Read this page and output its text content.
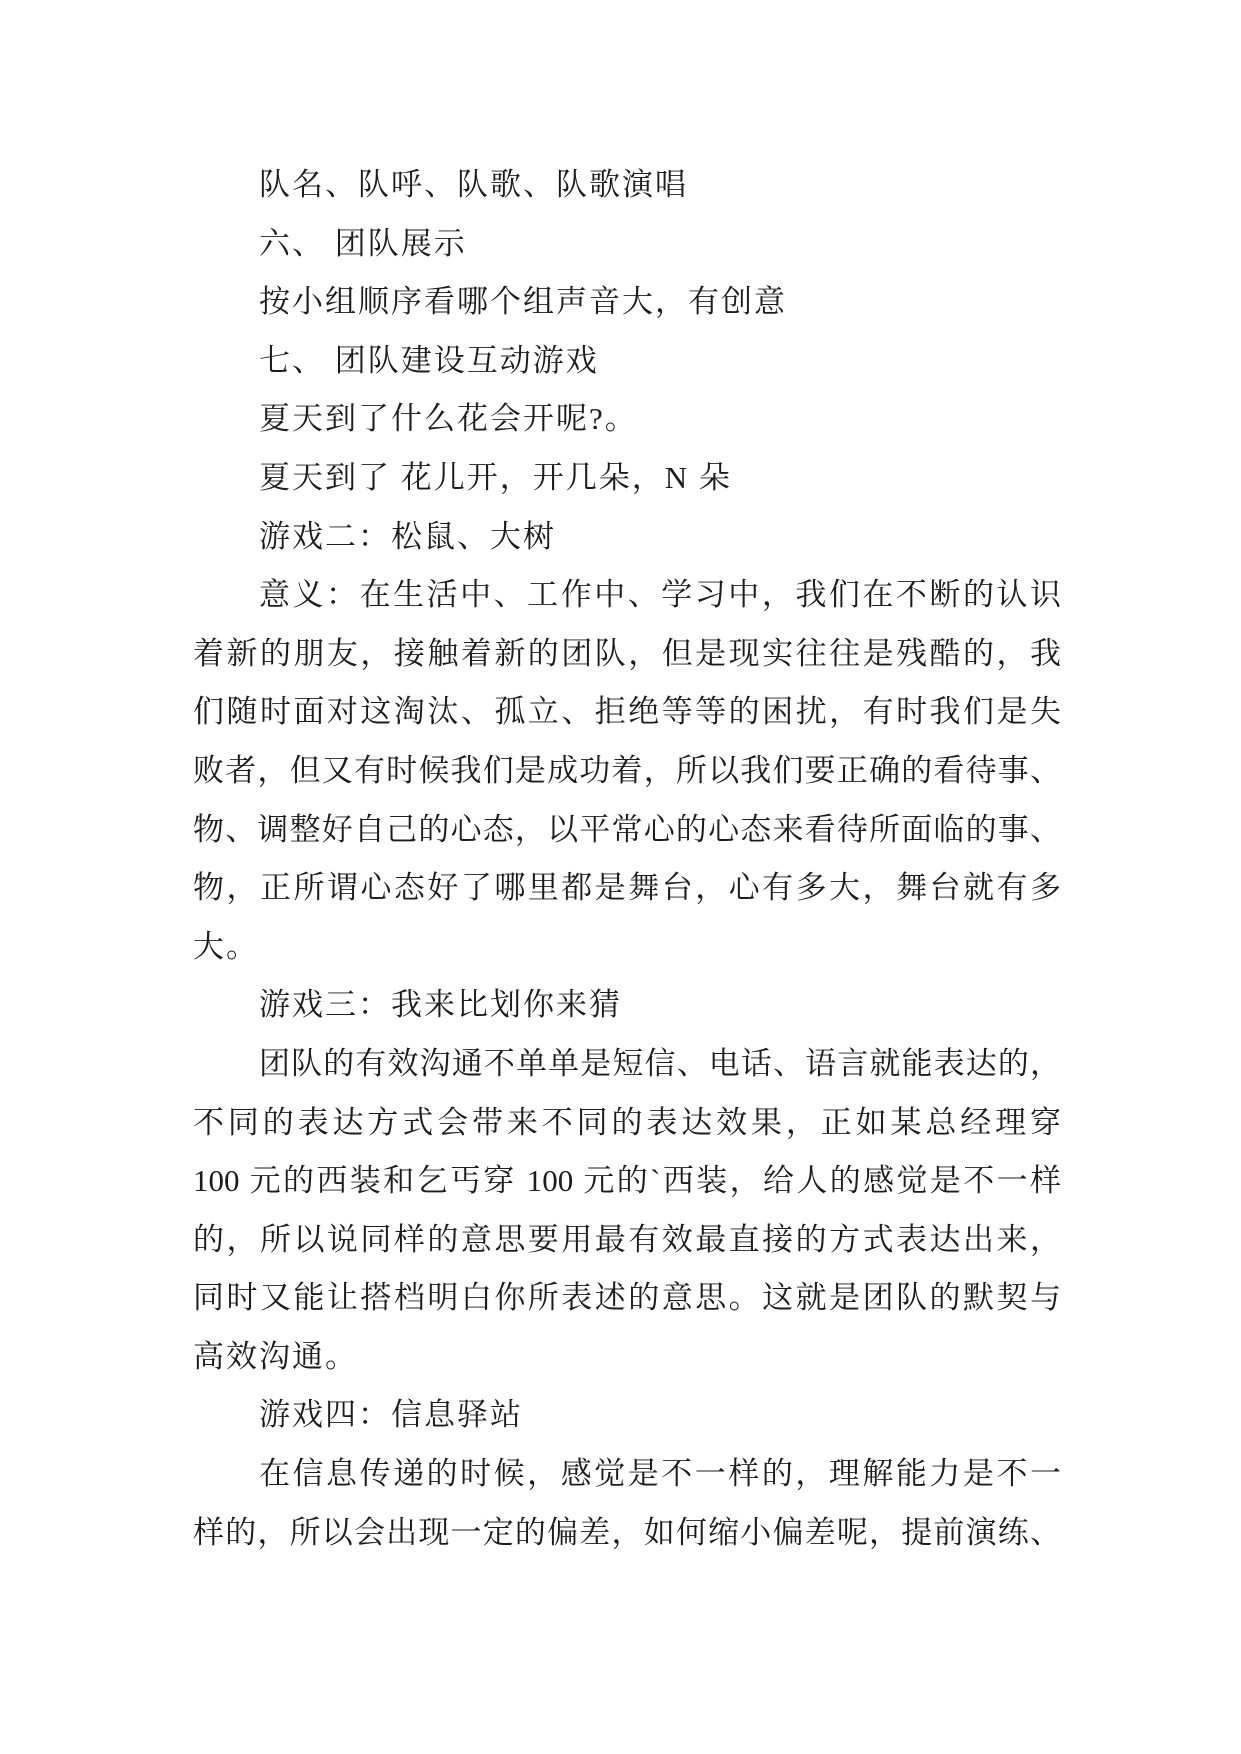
队名、队呼、队歌、队歌演唱
六、 团队展示
按小组顺序看哪个组声音大，有创意
七、 团队建设互动游戏
夏天到了什么花会开呢?。
夏天到了 花儿开，开几朵，N 朵
游戏二：松鼠、大树
意义：在生活中、工作中、学习中，我们在不断的认识
着新的朋友，接触着新的团队，但是现实往往是残酷的，我
们随时面对这淘汰、孤立、拒绝等等的困扰，有时我们是失
败者，但又有时候我们是成功着，所以我们要正确的看待事、
物、调整好自己的心态，以平常心的心态来看待所面临的事、
物，正所谓心态好了哪里都是舞台，心有多大，舞台就有多
大。
游戏三：我来比划你来猜
团队的有效沟通不单单是短信、电话、语言就能表达的，
不同的表达方式会带来不同的表达效果，正如某总经理穿
100 元的西装和乞丐穿 100 元的`西装，给人的感觉是不一样
的，所以说同样的意思要用最有效最直接的方式表达出来，
同时又能让搭档明白你所表述的意思。这就是团队的默契与
高效沟通。
游戏四：信息驿站
在信息传递的时候，感觉是不一样的，理解能力是不一
样的，所以会出现一定的偏差，如何缩小偏差呢，提前演练、
